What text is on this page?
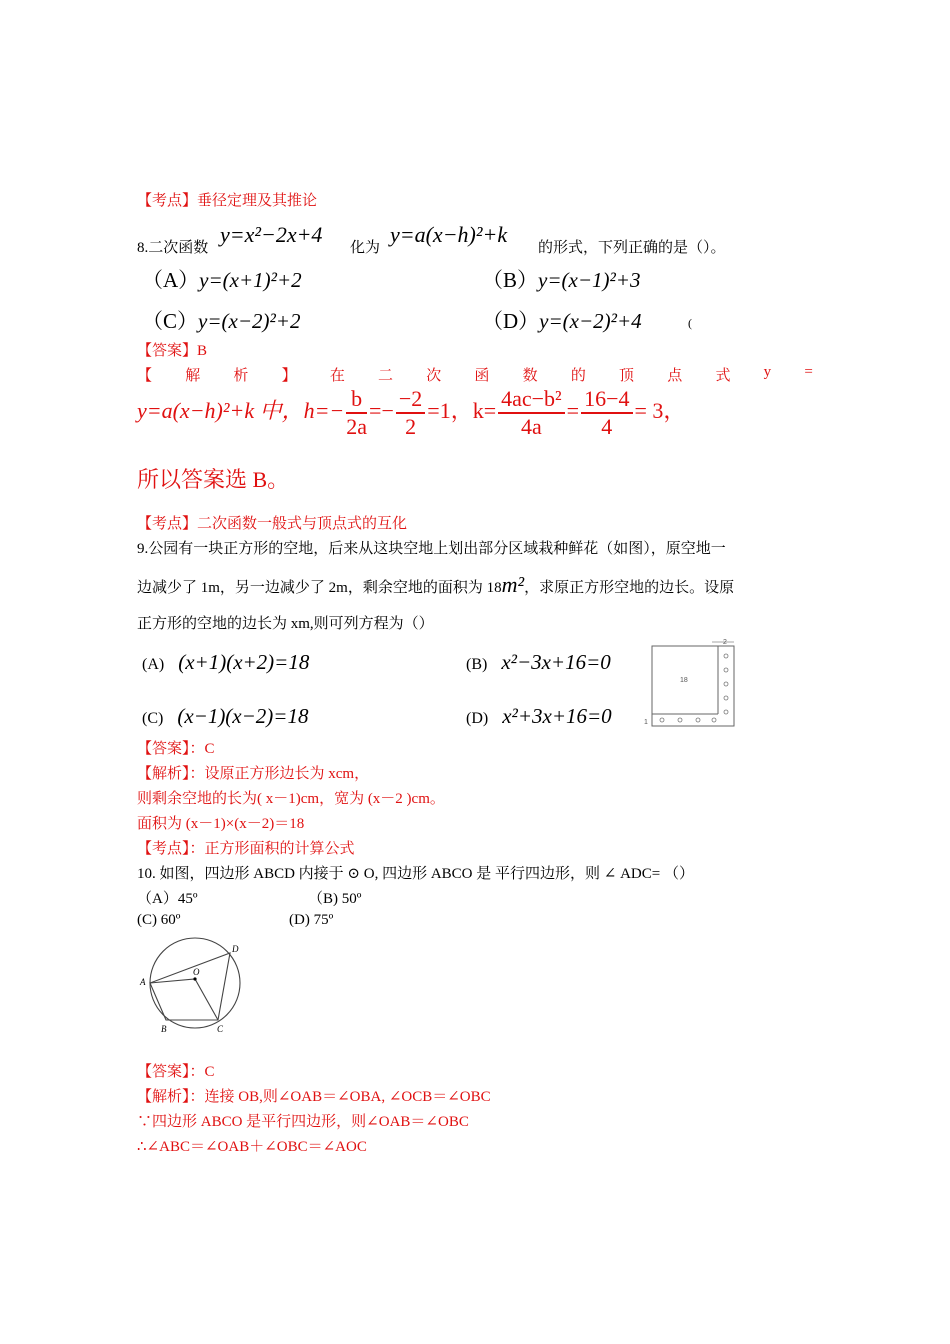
【考点】垂径定理及其推论
8.二次函数
y=x²−2x+4
化为
y=a(x−h)²+k
的形式，下列正确的是（）。
（A）y=(x+1)²+2	（B）y=(x−1)²+3
（C）y=(x−2)²+2	（D）y=(x−2)²+4	(
【答案】B
【 解 析 】 在 二 次 函 数 的 顶 点 式 y =
y=a(x−h)²+k 中，$h=- \frac{b}{2a} =- \frac{-2}{2} =1$，$k= \frac{\text{4ac−b²}}{4a} = \frac{16-4}{4} = 3$，
所以答案选 B。
【考点】二次函数一般式与顶点式的互化
9.公园有一块正方形的空地，后来从这块空地上划出部分区域栽种鲜花（如图），原空地一
边减少了 1m，另一边减少了 2m，剩余空地的面积为 18m²，求原正方形空地的边长。设原
正方形的空地的边长为 xm,则可列方程为（）
(A) (x+1)(x+2)=18	(B) x²−3x+16=0
(C) (x−1)(x−2)=18	(D) x²+3x+16=0
2
1
18
【答案】：C
【解析】：设原正方形边长为 xcm，
则剩余空地的长为( x－1)cm，宽为 (x－2 )cm。
面积为 (x－1)×(x－2)＝18
【考点】：正方形面积的计算公式
10. 如图，四边形 ABCD 内接于 ⊙ O, 四边形 ABCO 是 平行四边形，则 ∠ ADC= （）
（A）45º	（B) 50º
(C) 60º	(D) 75º
A
B	C
D
O
【答案】：C
【解析】：连接 OB,则∠OAB＝∠OBA, ∠OCB＝∠OBC
∵四边形 ABCO 是平行四边形，则∠OAB＝∠OBC
∴∠ABC＝∠OAB＋∠OBC＝∠AOC
